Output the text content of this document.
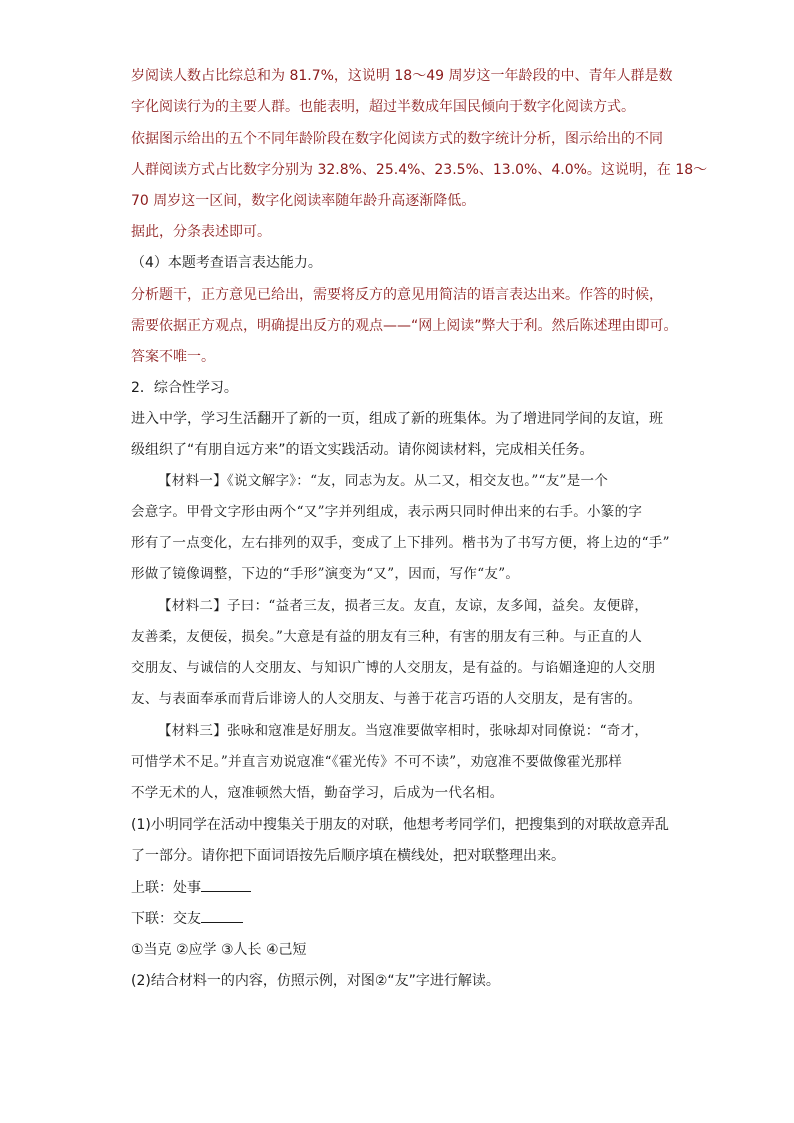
岁阅读人数占比综总和为 81.7%，这说明 18～49 周岁这一年龄段的中、青年人群是数
字化阅读行为的主要人群。也能表明，超过半数成年国民倾向于数字化阅读方式。
依据图示给出的五个不同年龄阶段在数字化阅读方式的数字统计分析，图示给出的不同
人群阅读方式占比数字分别为 32.8%、25.4%、23.5%、13.0%、4.0%。这说明，在 18～
70 周岁这一区间，数字化阅读率随年龄升高逐渐降低。
据此，分条表述即可。
（4）本题考查语言表达能力。
分析题干，正方意见已给出，需要将反方的意见用简洁的语言表达出来。作答的时候，
需要依据正方观点，明确提出反方的观点——“网上阅读”弊大于利。然后陈述理由即可。
答案不唯一。
2．综合性学习。
进入中学，学习生活翻开了新的一页，组成了新的班集体。为了增进同学间的友谊，班
级组织了“有朋自远方来”的语文实践活动。请你阅读材料，完成相关任务。
【材料一】《说文解字》：“友，同志为友。从二又，相交友也。”“友”是一个
会意字。甲骨文字形由两个“又”字并列组成，表示两只同时伸出来的右手。小篆的字
形有了一点变化，左右排列的双手，变成了上下排列。楷书为了书写方便，将上边的“手”
形做了镜像调整，下边的“手形”演变为“又”，因而，写作“友”。
【材料二】子曰：“益者三友，损者三友。友直，友谅，友多闻，益矣。友便辟，
友善柔，友便佞，损矣。”大意是有益的朋友有三种，有害的朋友有三种。与正直的人
交朋友、与诚信的人交朋友、与知识广博的人交朋友，是有益的。与谄媚逢迎的人交朋
友、与表面奉承而背后诽谤人的人交朋友、与善于花言巧语的人交朋友，是有害的。
【材料三】张咏和寇准是好朋友。当寇准要做宰相时，张咏却对同僚说：“奇才，
可惜学术不足。”并直言劝说寇准“《霍光传》不可不读”，劝寇准不要做像霍光那样
不学无术的人，寇准顿然大悟，勤奋学习，后成为一代名相。
(1)小明同学在活动中搜集关于朋友的对联，他想考考同学们，把搜集到的对联故意弄乱
了一部分。请你把下面词语按先后顺序填在横线处，把对联整理出来。
上联：处事
下联：交友
①当克 ②应学 ③人长 ④己短
(2)结合材料一的内容，仿照示例，对图②“友”字进行解读。
